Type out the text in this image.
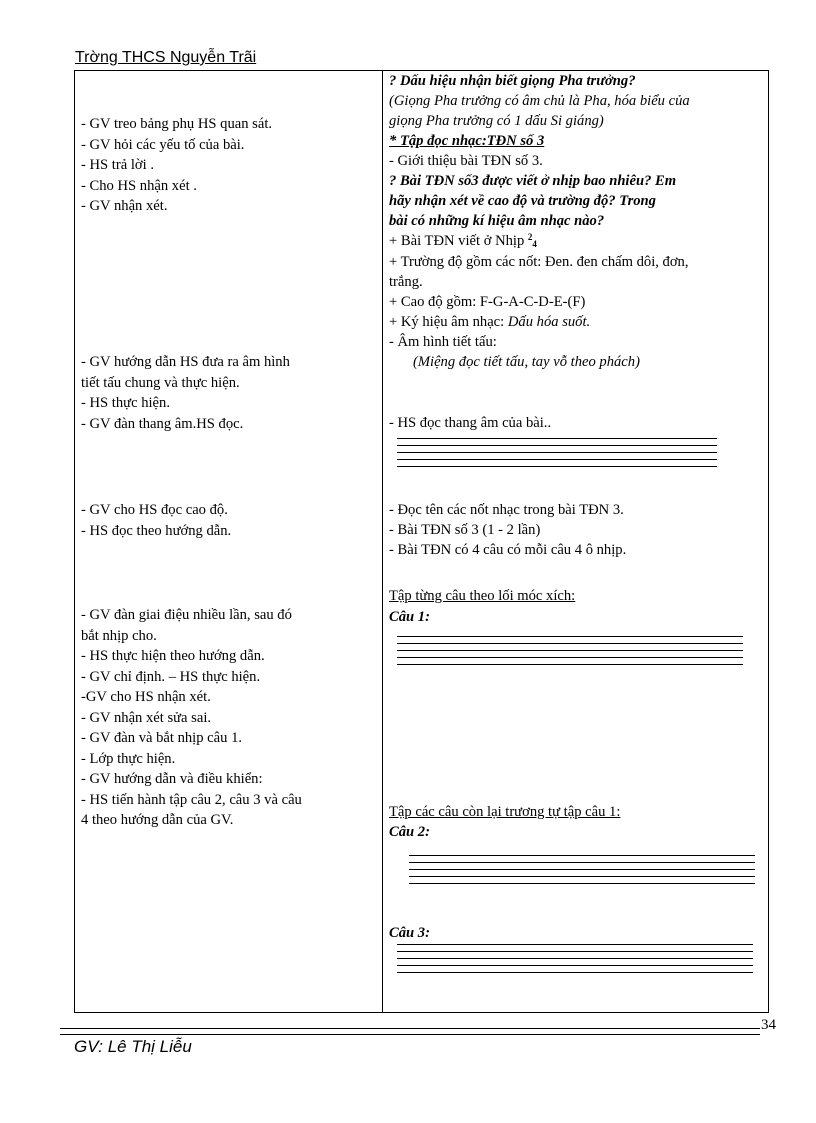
Trờng THCS Nguyễn Trãi
- GV treo bảng phụ HS quan sát.
- GV hỏi các yếu tố của bài.
- HS trả lời .
- Cho HS nhận xét .
- GV nhận xét.
- GV hướng dẫn HS đưa ra âm hình
tiết tấu chung và thực hiện.
- HS thực hiện.
- GV đàn thang âm.HS đọc.
- GV cho HS đọc cao độ.
- HS đọc theo hướng dẫn.
- GV đàn giai điệu nhiều lần, sau đó
bắt nhịp cho.
- HS thực hiện theo hướng dẫn.
- GV chỉ định. – HS thực hiện.
-GV cho HS nhận xét.
- GV nhận xét sửa sai.
- GV đàn và bắt nhịp câu 1.
- Lớp thực hiện.
- GV hướng dẫn và điều khiển:
- HS tiến hành tập câu 2, câu 3 và câu
4 theo hướng dẫn của GV.
? Dấu hiệu nhận biết giọng Pha trưởng?
(Giọng Pha trưởng có âm chủ là Pha, hóa biểu của
giọng Pha trưởng có 1 dấu Si giáng)
* Tập đọc nhạc:TĐN số 3
- Giới thiệu bài TĐN số 3.
? Bài TĐN số3 được viết ở nhịp bao nhiêu? Em
hãy nhận xét về cao độ và trường độ? Trong
bài có những kí hiệu âm nhạc nào?
+ Bài TĐN viết ở Nhịp $^2$4
+ Trường độ gồm các nốt: Đen. đen chấm dôi, đơn,
trắng.
+ Cao độ gồm: F-G-A-C-D-E-(F)
+ Ký hiệu âm nhạc: Dấu hóa suốt.
- Âm hình tiết tấu:
(Miệng đọc tiết tấu, tay vỗ theo phách)
- HS đọc thang âm của bài..
- Đọc tên các nốt nhạc trong bài TĐN 3.
- Bài TĐN số 3 (1 - 2 lần)
- Bài TĐN có 4 câu có mỗi câu 4 ô nhịp.
Tập từng câu theo lối móc xích:
Câu 1:
Tập các câu còn lại trương tự tập câu 1:
Câu 2:
Câu 3:
34
GV: Lê Thị Liễu
